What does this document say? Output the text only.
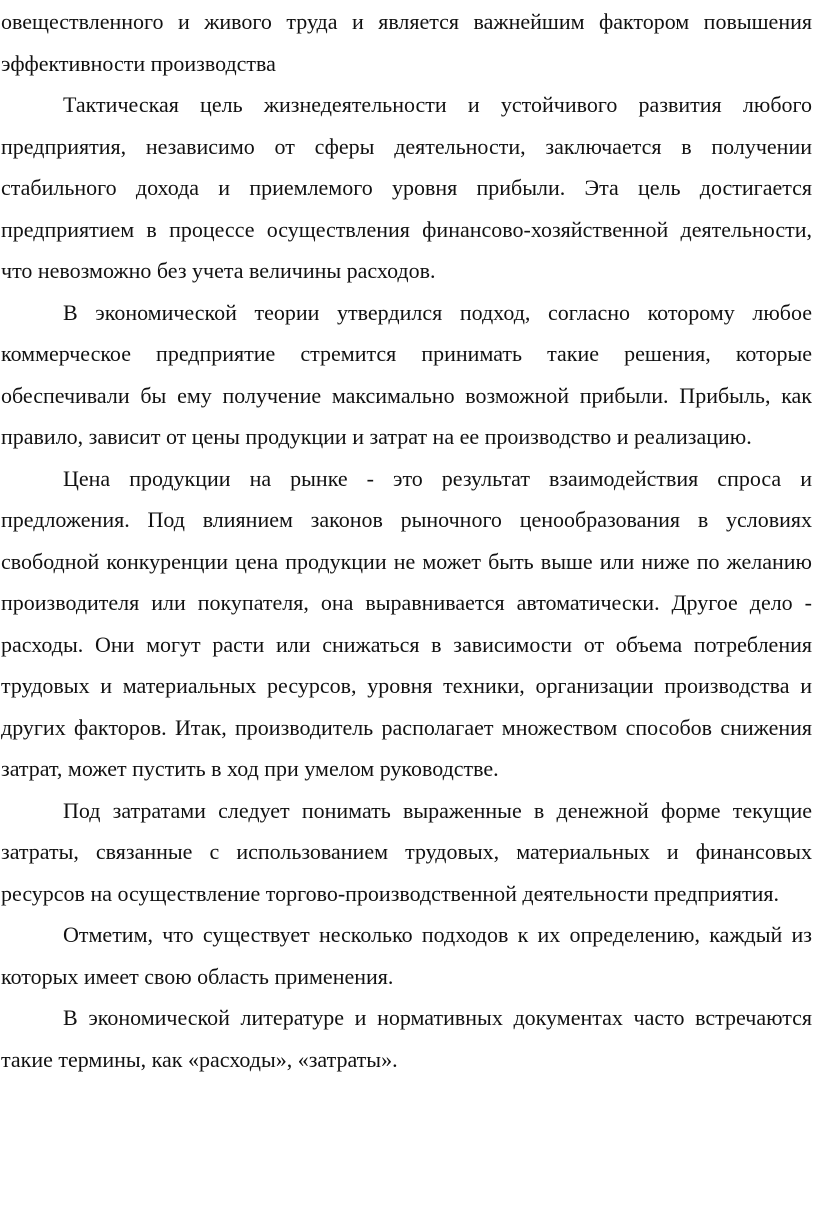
овеществленного и живого труда и является важнейшим фактором повышения эффективности производства

Тактическая цель жизнедеятельности и устойчивого развития любого предприятия, независимо от сферы деятельности, заключается в получении стабильного дохода и приемлемого уровня прибыли. Эта цель достигается предприятием в процессе осуществления финансово-хозяйственной деятельности, что невозможно без учета величины расходов.

В экономической теории утвердился подход, согласно которому любое коммерческое предприятие стремится принимать такие решения, которые обеспечивали бы ему получение максимально возможной прибыли. Прибыль, как правило, зависит от цены продукции и затрат на ее производство и реализацию.

Цена продукции на рынке - это результат взаимодействия спроса и предложения. Под влиянием законов рыночного ценообразования в условиях свободной конкуренции цена продукции не может быть выше или ниже по желанию производителя или покупателя, она выравнивается автоматически. Другое дело - расходы. Они могут расти или снижаться в зависимости от объема потребления трудовых и материальных ресурсов, уровня техники, организации производства и других факторов. Итак, производитель располагает множеством способов снижения затрат, может пустить в ход при умелом руководстве.

Под затратами следует понимать выраженные в денежной форме текущие затраты, связанные с использованием трудовых, материальных и финансовых ресурсов на осуществление торгово-производственной деятельности предприятия.

Отметим, что существует несколько подходов к их определению, каждый из которых имеет свою область применения.

В экономической литературе и нормативных документах часто встречаются такие термины, как «расходы», «затраты».
